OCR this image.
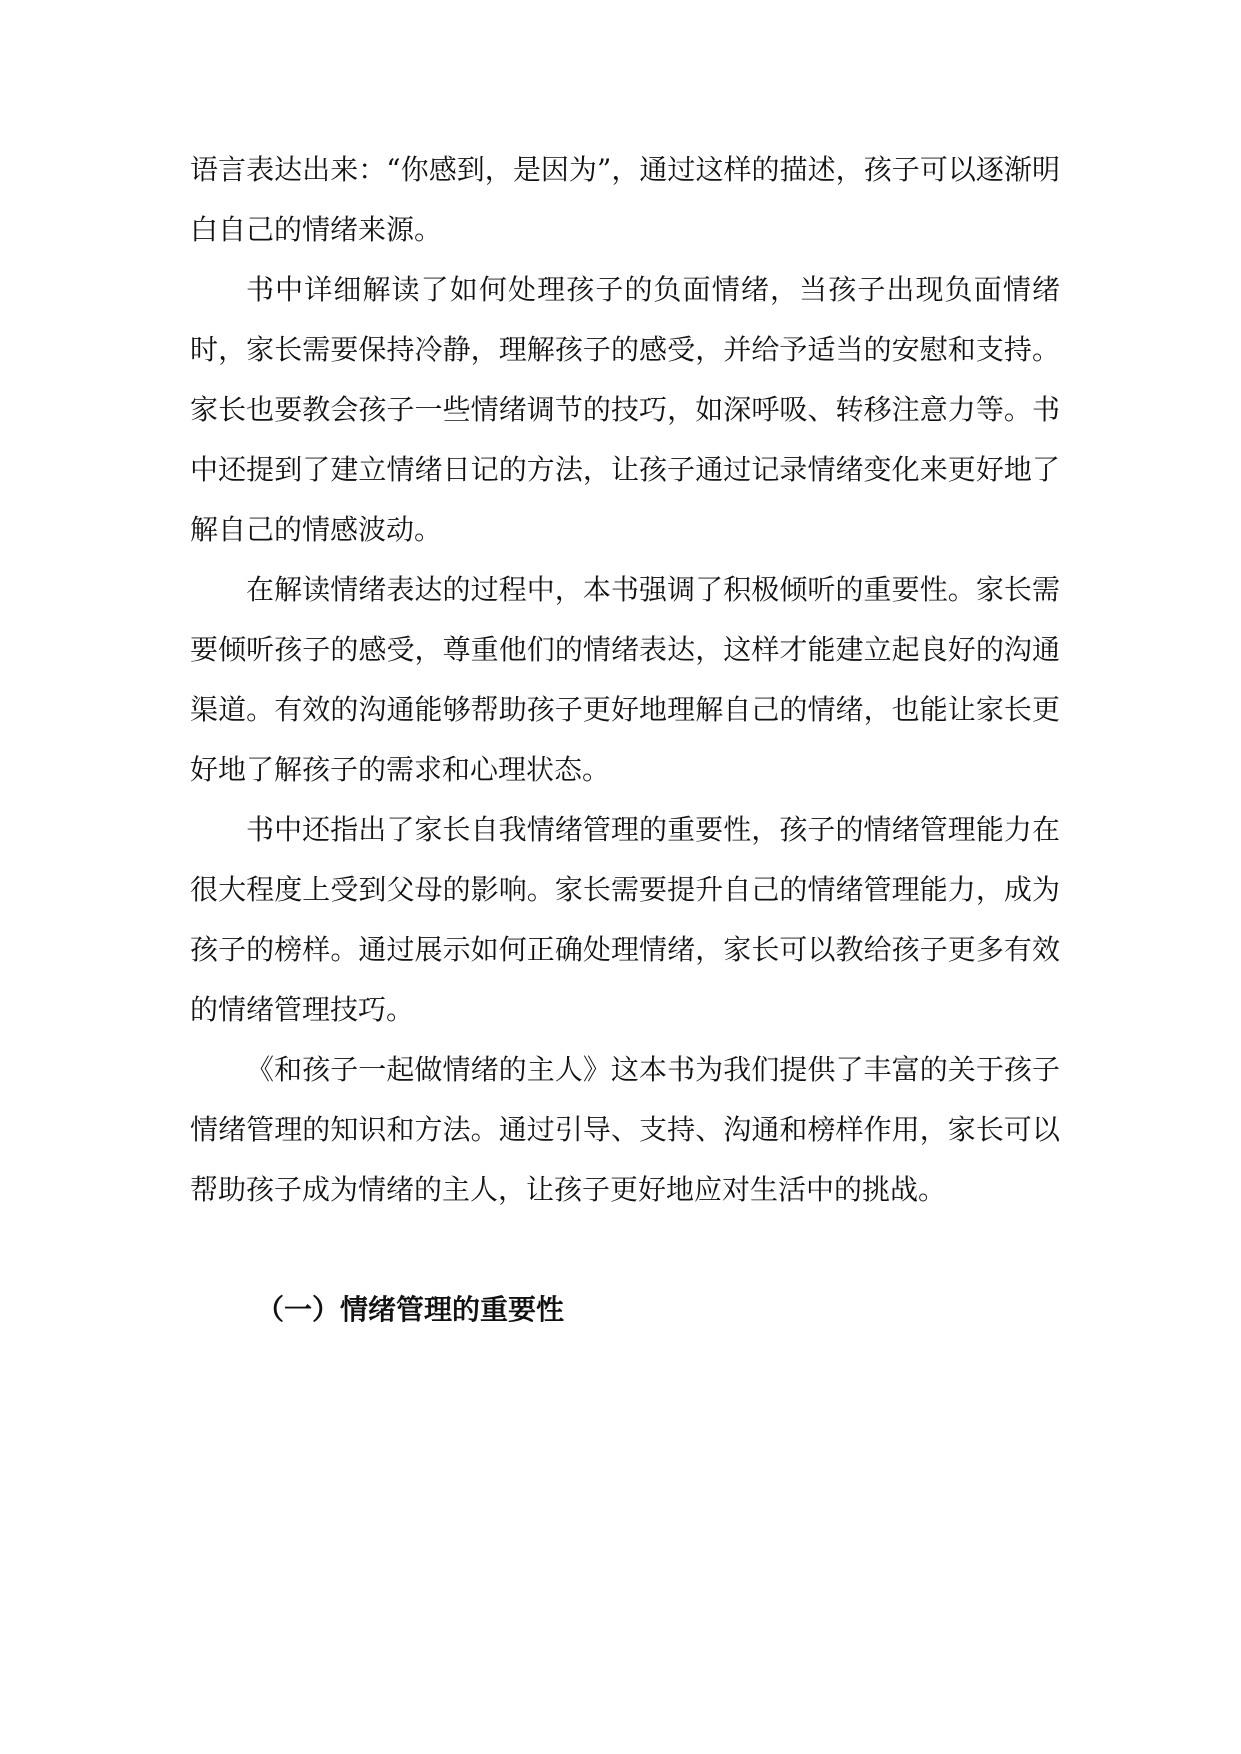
语言表达出来：“你感到，是因为”，通过这样的描述，孩子可以逐渐明白自己的情绪来源。

书中详细解读了如何处理孩子的负面情绪，当孩子出现负面情绪时，家长需要保持冷静，理解孩子的感受，并给予适当的安慰和支持。家长也要教会孩子一些情绪调节的技巧，如深呼吸、转移注意力等。书中还提到了建立情绪日记的方法，让孩子通过记录情绪变化来更好地了解自己的情感波动。

在解读情绪表达的过程中，本书强调了积极倾听的重要性。家长需要倾听孩子的感受，尊重他们的情绪表达，这样才能建立起良好的沟通渠道。有效的沟通能够帮助孩子更好地理解自己的情绪，也能让家长更好地了解孩子的需求和心理状态。

书中还指出了家长自我情绪管理的重要性，孩子的情绪管理能力在很大程度上受到父母的影响。家长需要提升自己的情绪管理能力，成为孩子的榜样。通过展示如何正确处理情绪，家长可以教给孩子更多有效的情绪管理技巧。

《和孩子一起做情绪的主人》这本书为我们提供了丰富的关于孩子情绪管理的知识和方法。通过引导、支持、沟通和榜样作用，家长可以帮助孩子成为情绪的主人，让孩子更好地应对生活中的挑战。

（一）情绪管理的重要性
